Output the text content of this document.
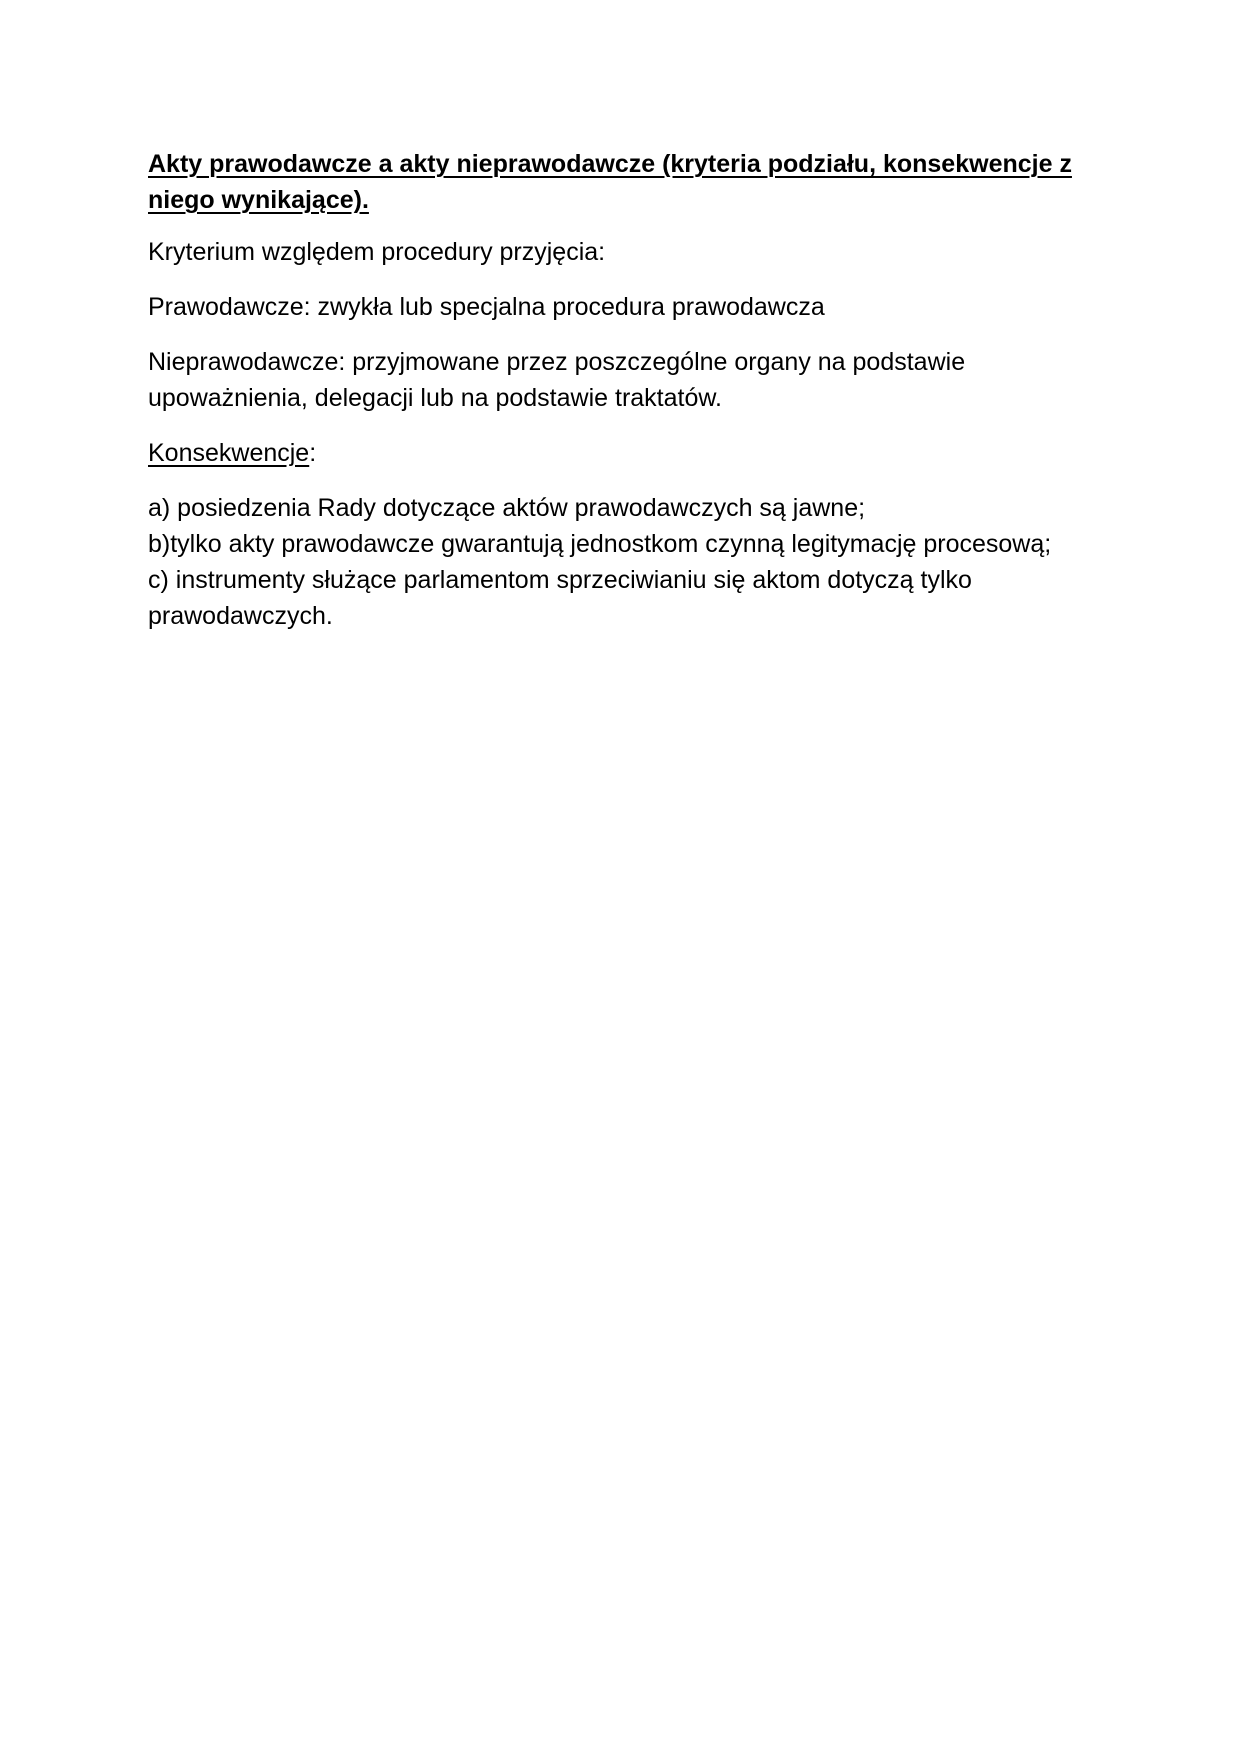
Akty prawodawcze a akty nieprawodawcze (kryteria podziału, konsekwencje z niego wynikające).

Kryterium względem procedury przyjęcia:

Prawodawcze: zwykła lub specjalna procedura prawodawcza

Nieprawodawcze: przyjmowane przez poszczególne organy na podstawie upoważnienia, delegacji lub na podstawie traktatów.

Konsekwencje:

a) posiedzenia Rady dotyczące aktów prawodawczych są jawne;
b)tylko akty prawodawcze gwarantują jednostkom czynną legitymację procesową;
c) instrumenty służące parlamentom sprzeciwianiu się aktom dotyczą tylko prawodawczych.
